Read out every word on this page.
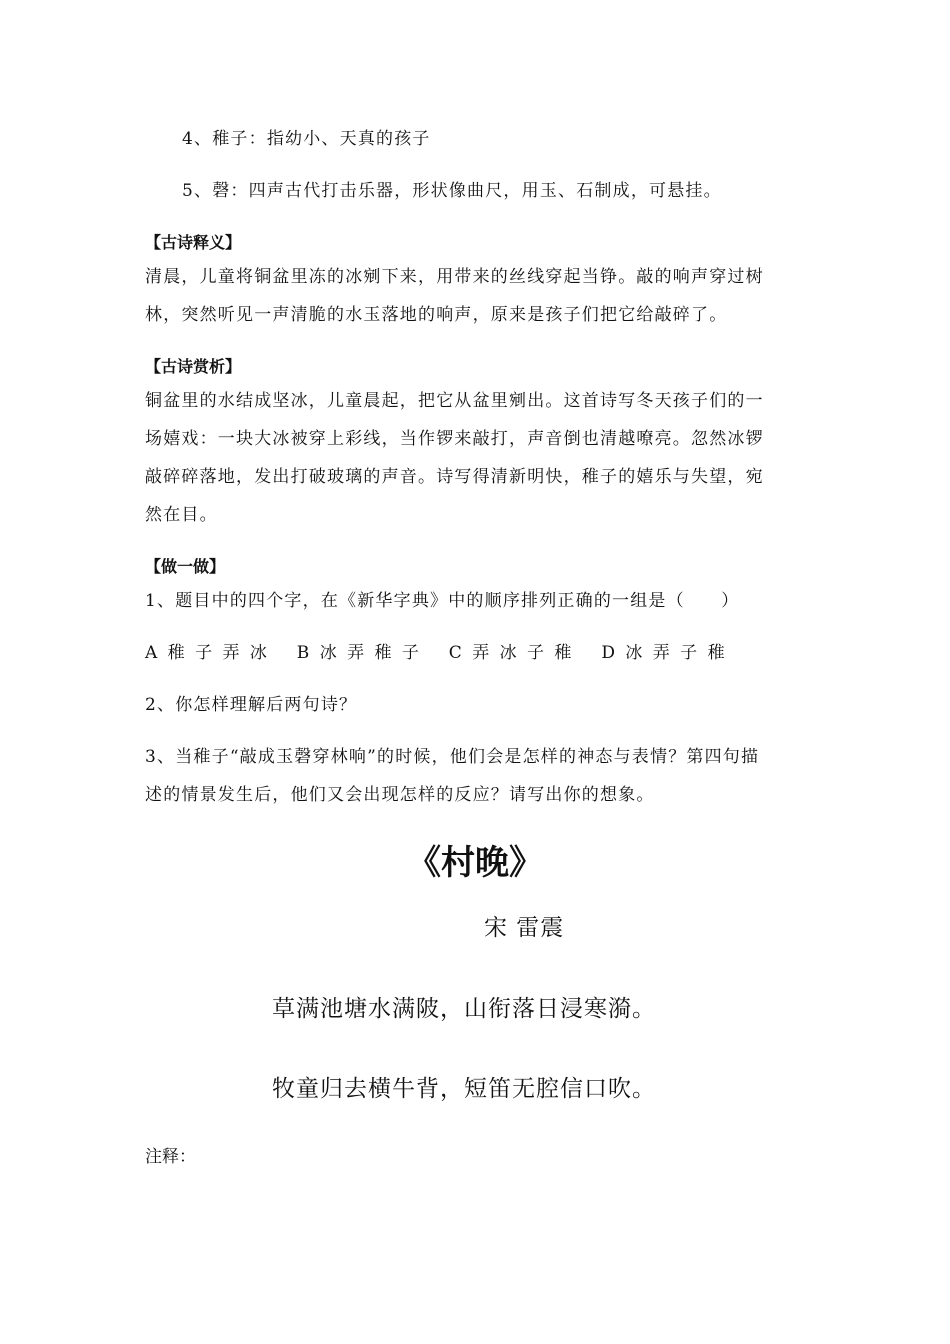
4、稚子：指幼小、天真的孩子
5、磬：四声古代打击乐器，形状像曲尺，用玉、石制成，可悬挂。
【古诗释义】
清晨，儿童将铜盆里冻的冰剜下来，用带来的丝线穿起当铮。敲的响声穿过树
林，突然听见一声清脆的水玉落地的响声，原来是孩子们把它给敲碎了。
【古诗赏析】
铜盆里的水结成坚冰，儿童晨起，把它从盆里剜出。这首诗写冬天孩子们的一
场嬉戏：一块大冰被穿上彩线，当作锣来敲打，声音倒也清越嘹亮。忽然冰锣
敲碎碎落地，发出打破玻璃的声音。诗写得清新明快，稚子的嬉乐与失望，宛
然在目。
【做一做】
1、题目中的四个字，在《新华字典》中的顺序排列正确的一组是（　　）
A 稚 子 弄 冰　 B 冰 弄 稚 子　 C 弄 冰 子 稚　 D 冰 弄 子 稚
2、你怎样理解后两句诗？
3、当稚子“敲成玉磬穿林响”的时候，他们会是怎样的神态与表情？第四句描
述的情景发生后，他们又会出现怎样的反应？请写出你的想象。
《村晚》
宋 雷震
草满池塘水满陂，山衔落日浸寒漪。
牧童归去横牛背，短笛无腔信口吹。
注释：
